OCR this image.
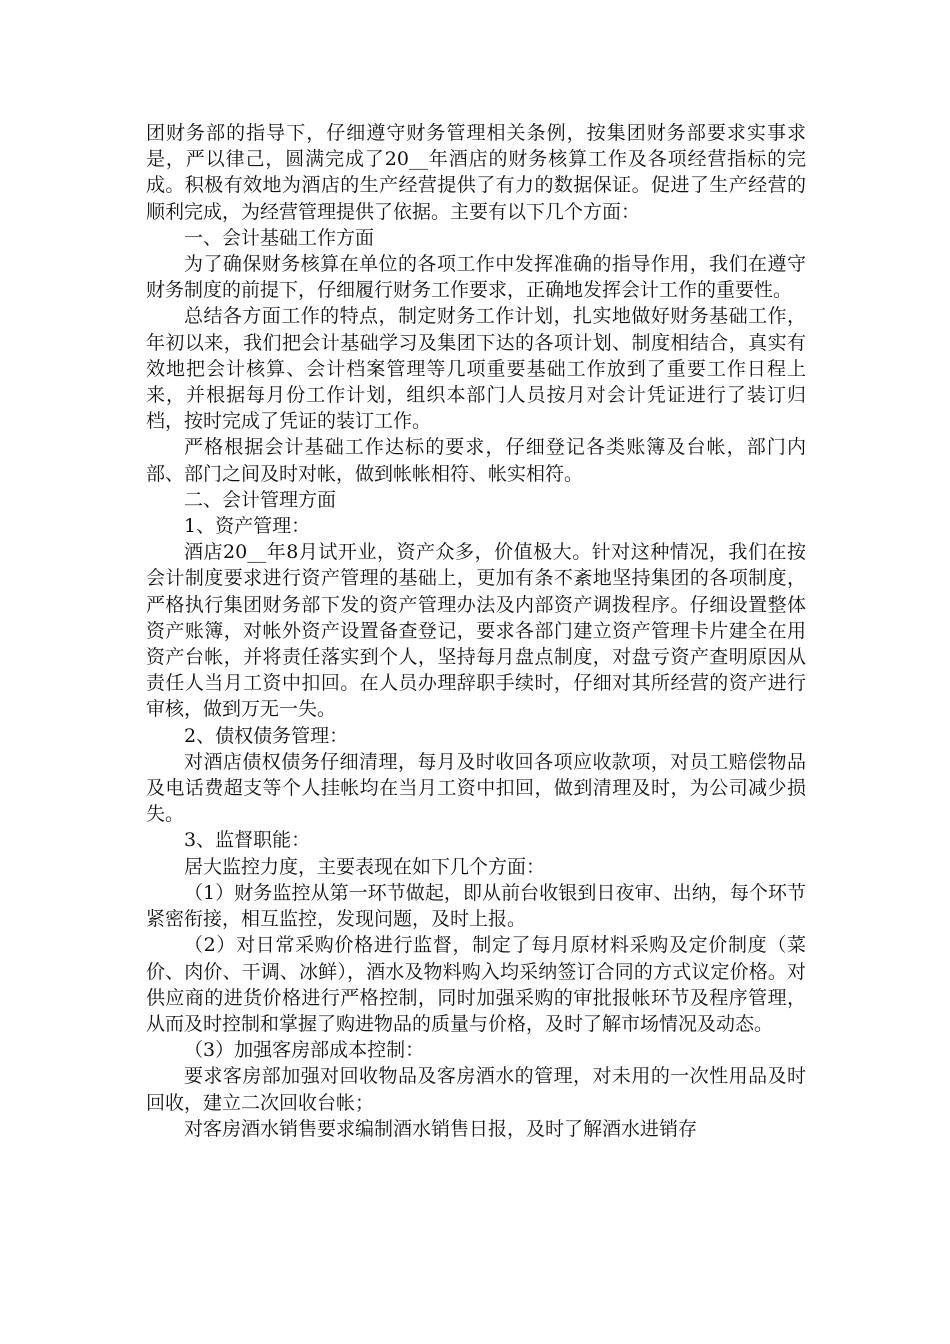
团财务部的指导下，仔细遵守财务管理相关条例，按集团财务部要求实事求是，严以律己，圆满完成了20__年酒店的财务核算工作及各项经营指标的完成。积极有效地为酒店的生产经营提供了有力的数据保证。促进了生产经营的顺利完成，为经营管理提供了依据。主要有以下几个方面：

一、会计基础工作方面

为了确保财务核算在单位的各项工作中发挥准确的指导作用，我们在遵守财务制度的前提下，仔细履行财务工作要求，正确地发挥会计工作的重要性。

总结各方面工作的特点，制定财务工作计划，扎实地做好财务基础工作，年初以来，我们把会计基础学习及集团下达的各项计划、制度相结合，真实有效地把会计核算、会计档案管理等几项重要基础工作放到了重要工作日程上来，并根据每月份工作计划，组织本部门人员按月对会计凭证进行了装订归档，按时完成了凭证的装订工作。

严格根据会计基础工作达标的要求，仔细登记各类账簿及台帐，部门内部、部门之间及时对帐，做到帐帐相符、帐实相符。

二、会计管理方面

1、资产管理：

酒店20__年8月试开业，资产众多，价值极大。针对这种情况，我们在按会计制度要求进行资产管理的基础上，更加有条不紊地坚持集团的各项制度，严格执行集团财务部下发的资产管理办法及内部资产调拨程序。仔细设置整体资产账簿，对帐外资产设置备查登记，要求各部门建立资产管理卡片建全在用资产台帐，并将责任落实到个人，坚持每月盘点制度，对盘亏资产查明原因从责任人当月工资中扣回。在人员办理辞职手续时，仔细对其所经营的资产进行审核，做到万无一失。

2、债权债务管理：

对酒店债权债务仔细清理，每月及时收回各项应收款项，对员工赔偿物品及电话费超支等个人挂帐均在当月工资中扣回，做到清理及时，为公司减少损失。

3、监督职能：

居大监控力度，主要表现在如下几个方面：

（1）财务监控从第一环节做起，即从前台收银到日夜审、出纳，每个环节紧密衔接，相互监控，发现问题，及时上报。

（2）对日常采购价格进行监督，制定了每月原材料采购及定价制度（菜价、肉价、干调、冰鲜），酒水及物料购入均采纳签订合同的方式议定价格。对供应商的进货价格进行严格控制，同时加强采购的审批报帐环节及程序管理，从而及时控制和掌握了购进物品的质量与价格，及时了解市场情况及动态。

（3）加强客房部成本控制：

要求客房部加强对回收物品及客房酒水的管理，对未用的一次性用品及时回收，建立二次回收台帐；

对客房酒水销售要求编制酒水销售日报，及时了解酒水进销存
